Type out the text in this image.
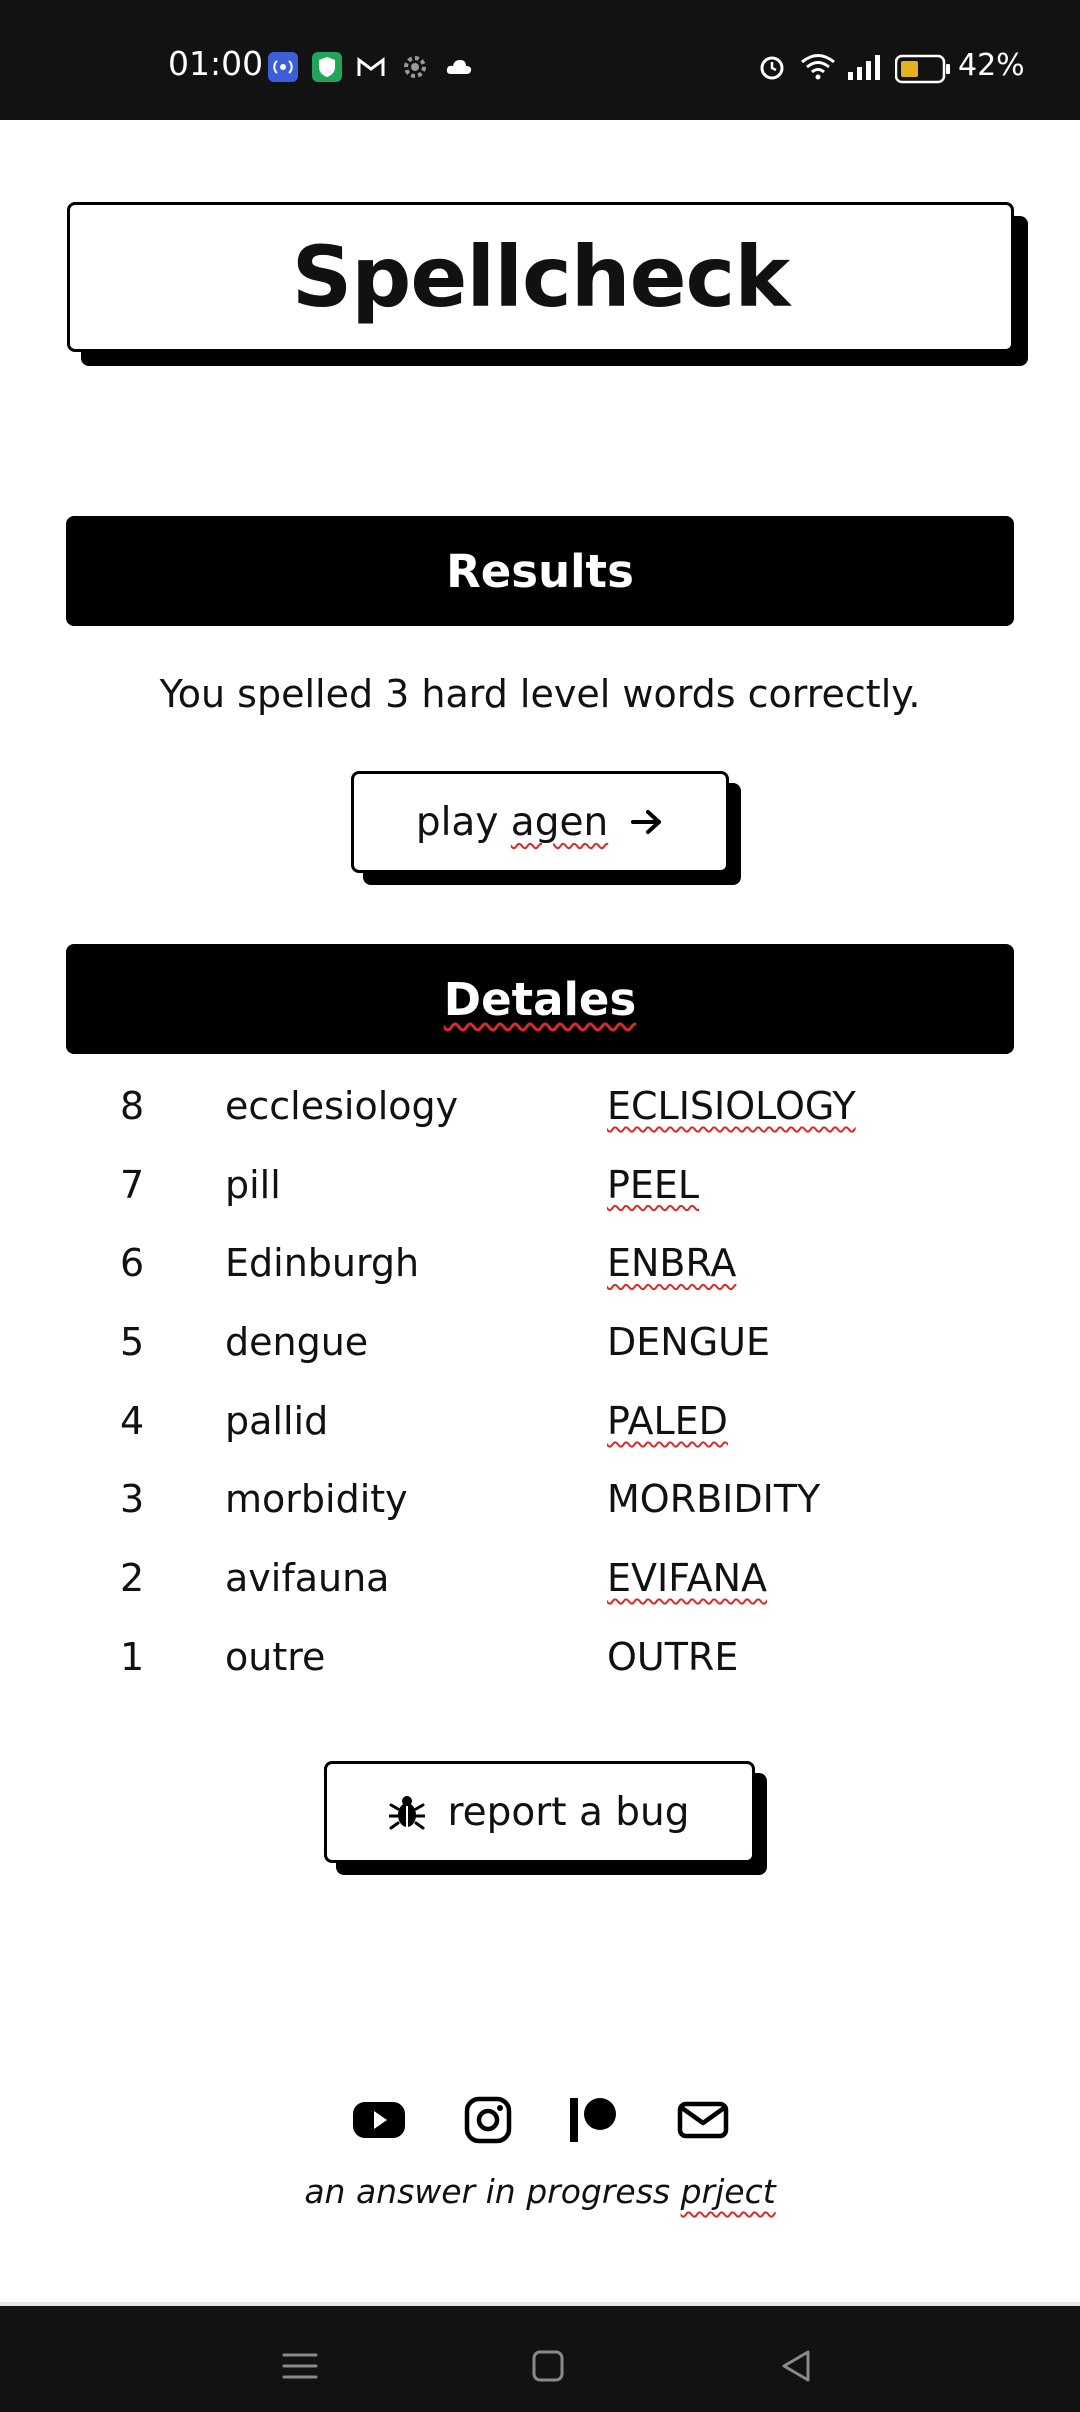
01:00	42%
Spellcheck
Results
You spelled 3 hard level words correctly.
play agen
Detales
8 ecclesiology	ECLISIOLOGY
7 pill	PEEL
6 Edinburgh	ENBRA
5 dengue	DENGUE
4 pallid	PALED
3 morbidity	MORBIDITY
2 avifauna	EVIFANA
1 outre	OUTRE
report a bug
an answer in progress prject
